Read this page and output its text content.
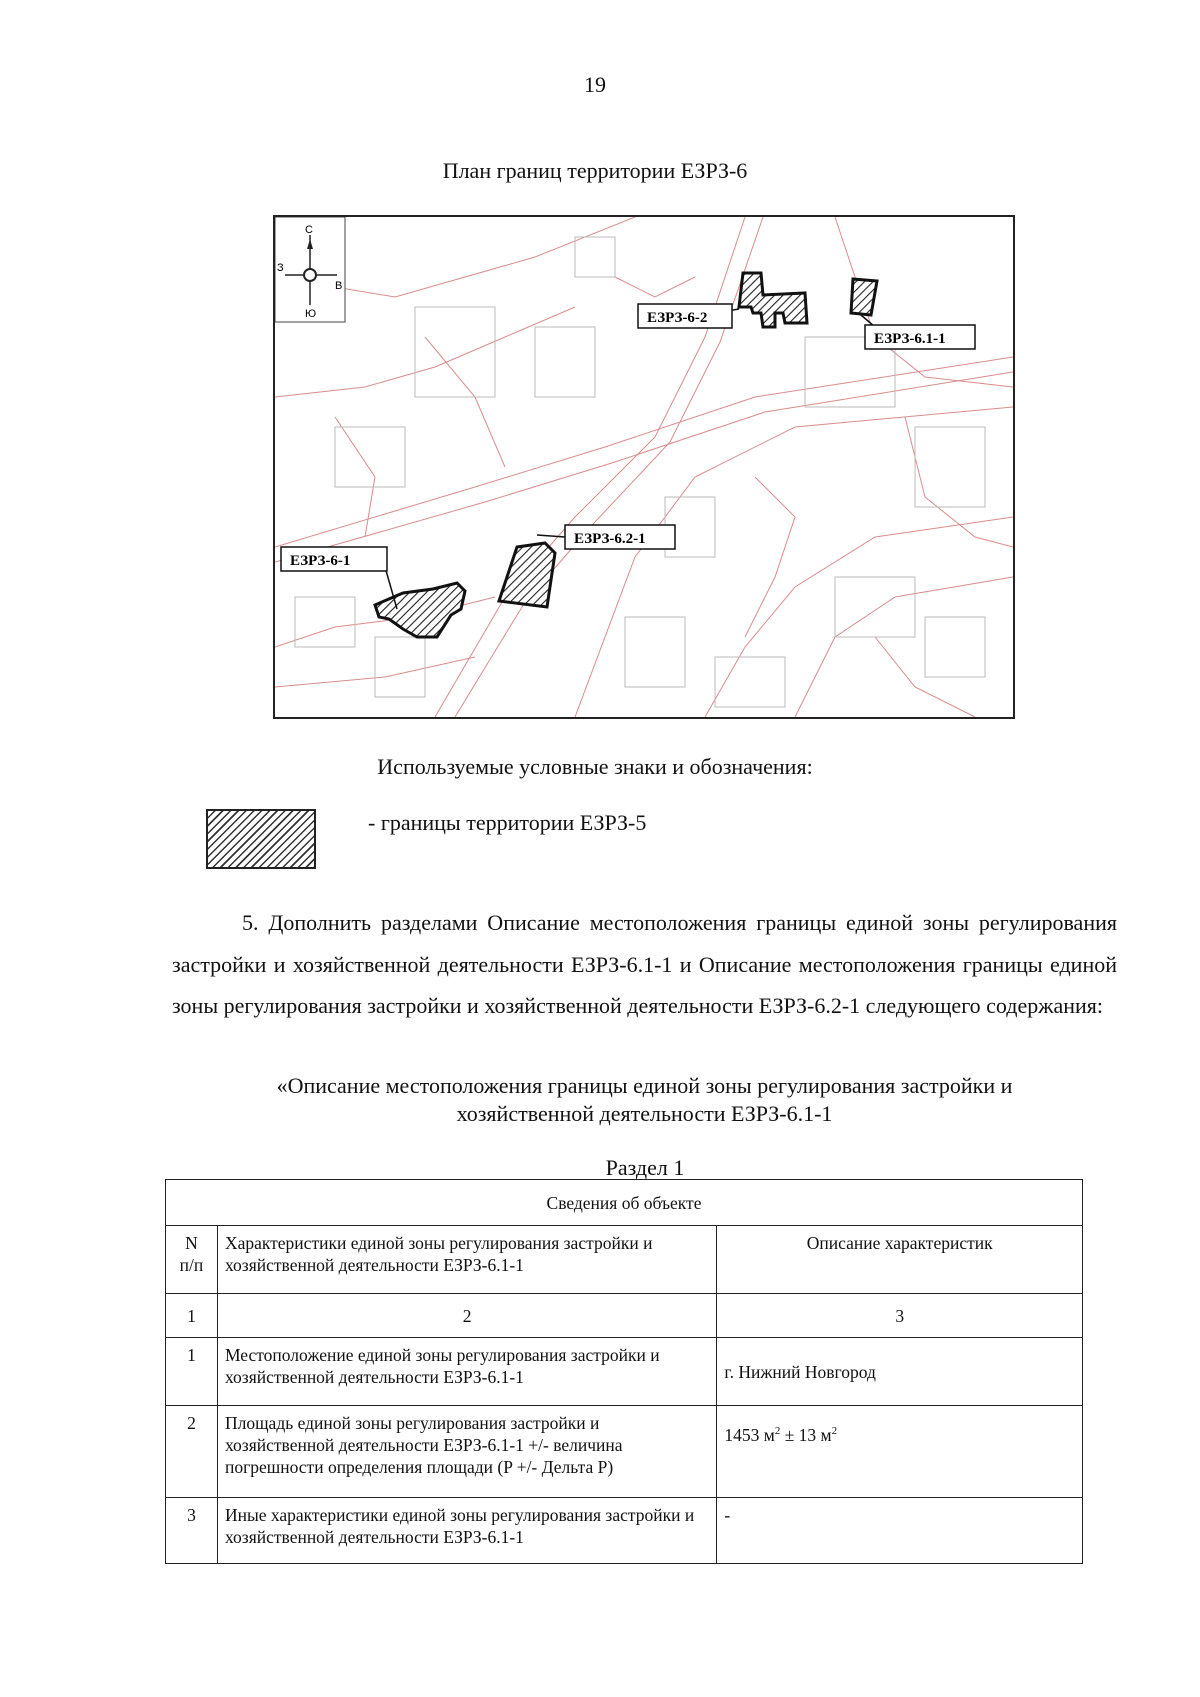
19
План границ территории ЕЗРЗ-6
С
Ю
З
В
ЕЗРЗ-6-2
ЕЗРЗ-6.1-1
ЕЗРЗ-6-1
ЕЗРЗ-6.2-1
Используемые условные знаки и обозначения:
- границы территории ЕЗРЗ-5

5. Дополнить разделами Описание местоположения границы единой зоны регулирования застройки и хозяйственной деятельности ЕЗРЗ-6.1-1 и Описание местоположения границы единой зоны регулирования застройки и хозяйственной деятельности ЕЗРЗ-6.2-1 следующего содержания:

«Описание местоположения границы единой зоны регулирования застройки и
хозяйственной деятельности ЕЗРЗ-6.1-1
Раздел 1
Сведения об объекте		

N
п/п	Характеристики единой зоны регулирования застройки и хозяйственной деятельности ЕЗРЗ-6.1-1	Описание характеристик
1	2	3
1	Местоположение единой зоны регулирования застройки и хозяйственной деятельности ЕЗРЗ-6.1-1	г. Нижний Новгород
2	Площадь единой зоны регулирования застройки и хозяйственной деятельности ЕЗРЗ-6.1-1 +/- величина погрешности определения площади (P +/- Дельта P)	1453 $м^2 \pm 13$ $м^2$
3	Иные характеристики единой зоны регулирования застройки и хозяйственной деятельности ЕЗРЗ-6.1-1	-
